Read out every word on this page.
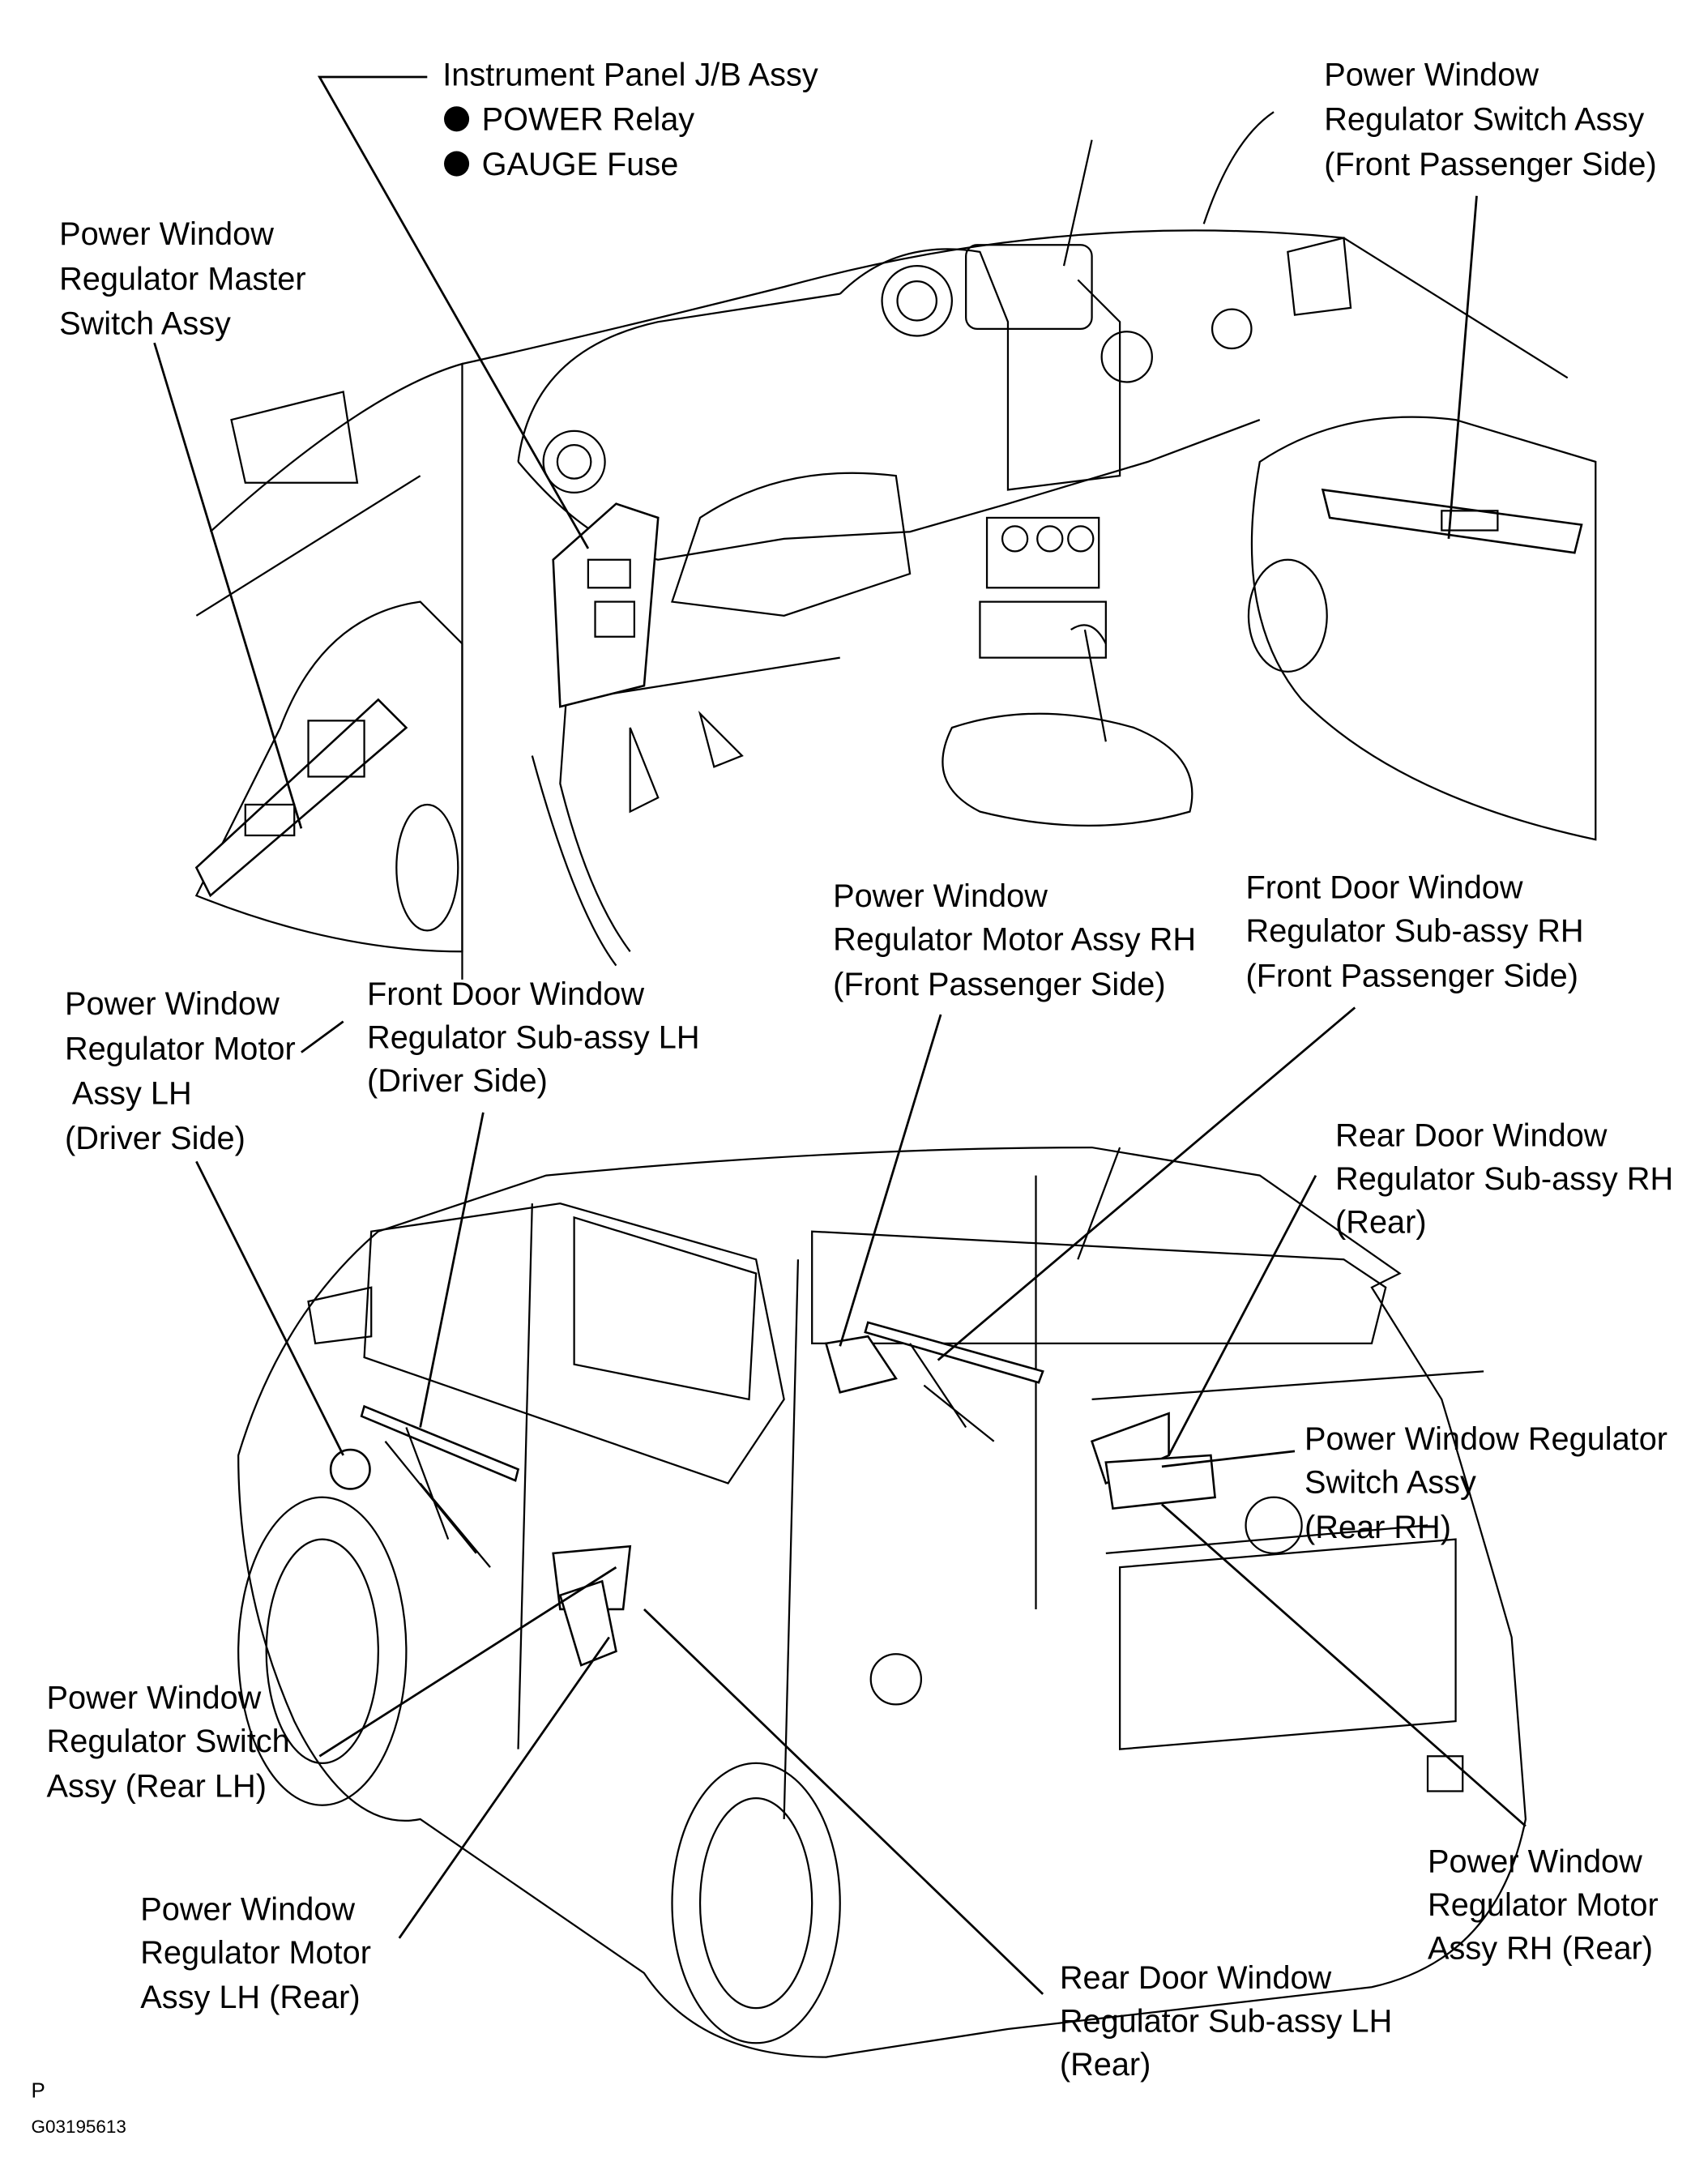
Instrument Panel J/B Assy
POWER Relay
GAUGE Fuse
Power Window
Regulator Switch Assy
(Front Passenger Side)
Power Window
Regulator Master
Switch Assy
Power Window
Regulator Motor
Assy LH
(Driver Side)
Front Door Window
Regulator Sub-assy LH
(Driver Side)
Power Window
Regulator Motor Assy RH
(Front Passenger Side)
Front Door Window
Regulator Sub-assy RH
(Front Passenger Side)
Rear Door Window
Regulator Sub-assy RH
(Rear)
Power Window Regulator
Switch Assy
(Rear RH)
Power Window
Regulator Switch
Assy (Rear LH)
Power Window
Regulator Motor
Assy LH (Rear)
Rear Door Window
Regulator Sub-assy LH
(Rear)
Power Window
Regulator Motor
Assy RH (Rear)
P
G03195613
